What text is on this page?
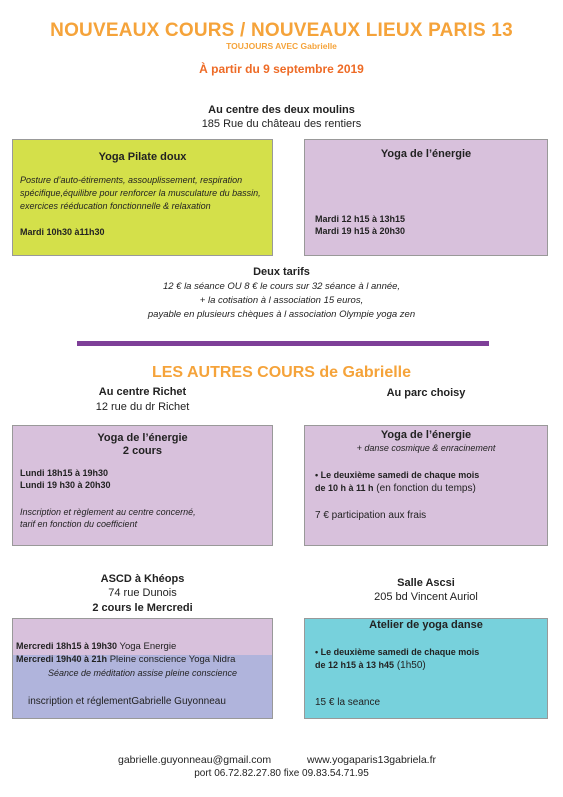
NOUVEAUX COURS / NOUVEAUX LIEUX PARIS 13
TOUJOURS AVEC Gabrielle
À partir du 9 septembre 2019
Au centre des deux moulins
185 Rue du château des rentiers
Yoga Pilate doux
Posture d’auto-étirements, assouplissement, respiration spécifique,équilibre pour renforcer la musculature du bassin, exercices rééducation fonctionnelle & relaxation
Mardi 10h30 à11h30
Yoga de l’énergie
Mardi 12 h15 à 13h15
Mardi 19 h15 à 20h30
Deux tarifs
12 € la séance OU 8 € le cours sur 32 séance à l année,
+ la cotisation à l association 15 euros,
payable en plusieurs chèques à l association Olympie yoga zen
LES AUTRES COURS de Gabrielle
Au centre Richet
12 rue du dr Richet
Au parc choisy
Yoga de l’énergie
2 cours
Lundi 18h15 à 19h30
Lundi 19 h30 à 20h30
Inscription et règlement au centre concerné,
tarif en fonction du coefficient
Yoga de l’énergie
+ danse cosmique & enracinement
• Le deuxième samedi de chaque mois
de 10 h à 11 h (en fonction du temps)
7 € participation aux frais
ASCD à Khéops
74 rue Dunois
Salle Ascsi
205 bd Vincent Auriol
2 cours le Mercredi
Mercredi 18h15 à 19h30 Yoga Energie
Mercredi 19h40 à 21h Pleine conscience Yoga Nidra
Séance de méditation assise pleine conscience
inscription et réglementGabrielle Guyonneau
Atelier de yoga danse
• Le deuxième samedi de chaque mois
de 12 h15 à 13 h45 (1h50)
15 € la seance
gabrielle.guyonneau@gmail.com	www.yogaparis13gabriela.fr
port 06.72.82.27.80 fixe 09.83.54.71.95
